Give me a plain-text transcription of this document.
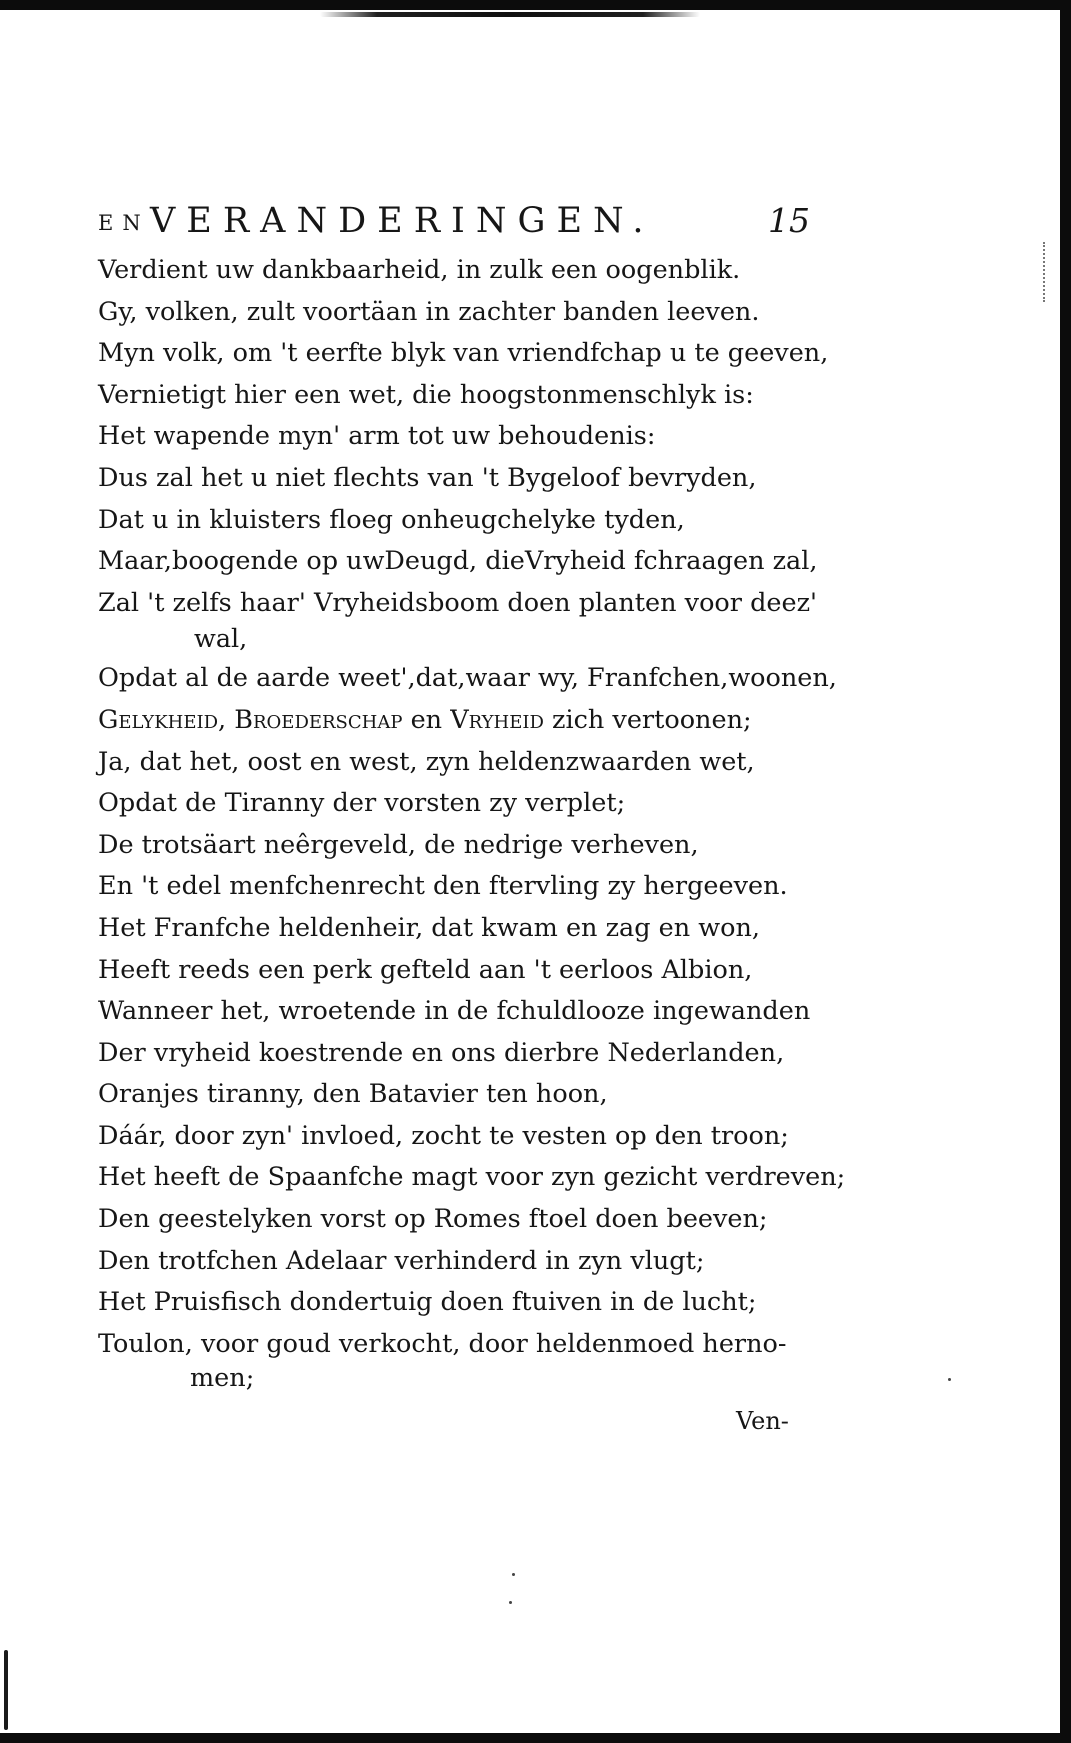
EN VERANDERINGEN.	15
Verdient uw dankbaarheid, in zulk een oogenblik.
Gy, volken, zult voortäan in zachter banden leeven.
Myn volk, om 't eerfte blyk van vriendfchap u te geeven,
Vernietigt hier een wet, die hoogstonmenschlyk is:
Het wapende myn' arm tot uw behoudenis:
Dus zal het u niet flechts van 't Bygeloof bevryden,
Dat u in kluisters floeg onheugchelyke tyden,
Maar,boogende op uwDeugd, dieVryheid fchraagen zal,
Zal 't zelfs haar' Vryheidsboom doen planten voor deez'
wal,
Opdat al de aarde weet',dat,waar wy, Franfchen,woonen,
Gelykheid, Broederschap en Vryheid zich vertoonen;
Ja, dat het, oost en west, zyn heldenzwaarden wet,
Opdat de Tiranny der vorsten zy verplet;
De trotsäart neêrgeveld, de nedrige verheven,
En 't edel menfchenrecht den ftervling zy hergeeven.
Het Franfche heldenheir, dat kwam en zag en won,
Heeft reeds een perk gefteld aan 't eerloos Albion,
Wanneer het, wroetende in de fchuldlooze ingewanden
Der vryheid koestrende en ons dierbre Nederlanden,
Oranjes tiranny, den Batavier ten hoon,
Dáár, door zyn' invloed, zocht te vesten op den troon;
Het heeft de Spaanfche magt voor zyn gezicht verdreven;
Den geestelyken vorst op Romes ftoel doen beeven;
Den trotfchen Adelaar verhinderd in zyn vlugt;
Het Pruisfisch dondertuig doen ftuiven in de lucht;
Toulon, voor goud verkocht, door heldenmoed herno-
men;
Ven-
